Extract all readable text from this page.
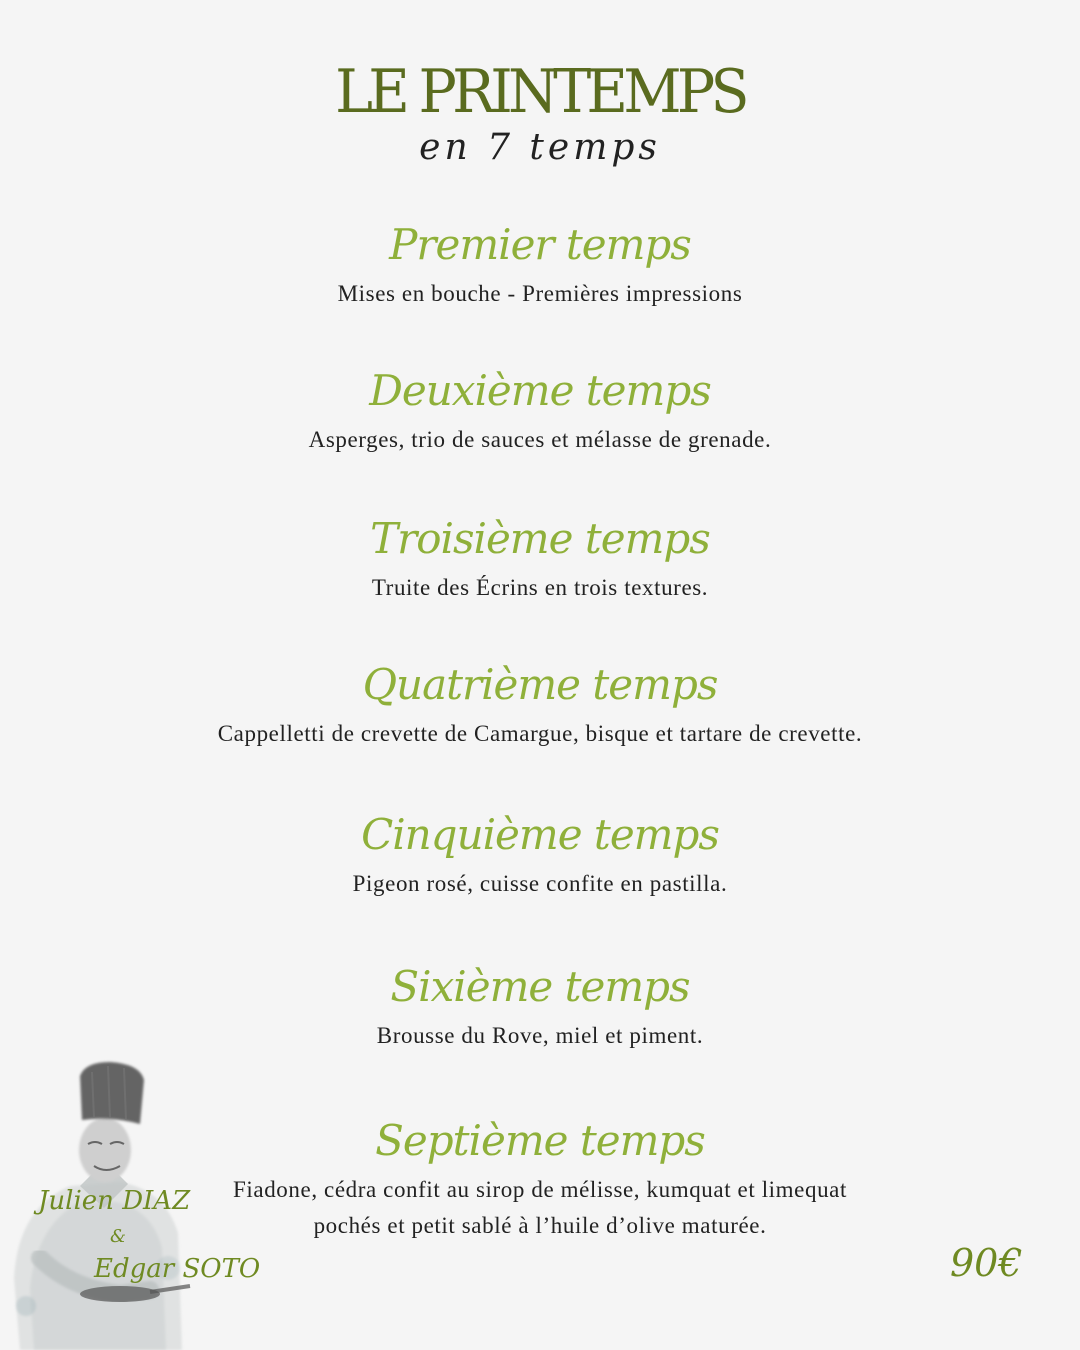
LE PRINTEMPS
en 7 temps
Premier temps
Mises en bouche - Premières impressions
Deuxième temps
Asperges, trio de sauces et mélasse de grenade.
Troisième temps
Truite des Écrins en trois textures.
Quatrième temps
Cappelletti de crevette de Camargue, bisque et tartare de crevette.
Cinquième temps
Pigeon rosé, cuisse confite en pastilla.
Sixième temps
Brousse du Rove, miel et piment.
Septième temps
Fiadone, cédra confit au sirop de mélisse, kumquat et limequat
pochés et petit sablé à l’huile d’olive maturée.
Julien DIAZ
&
Edgar SOTO	90€
